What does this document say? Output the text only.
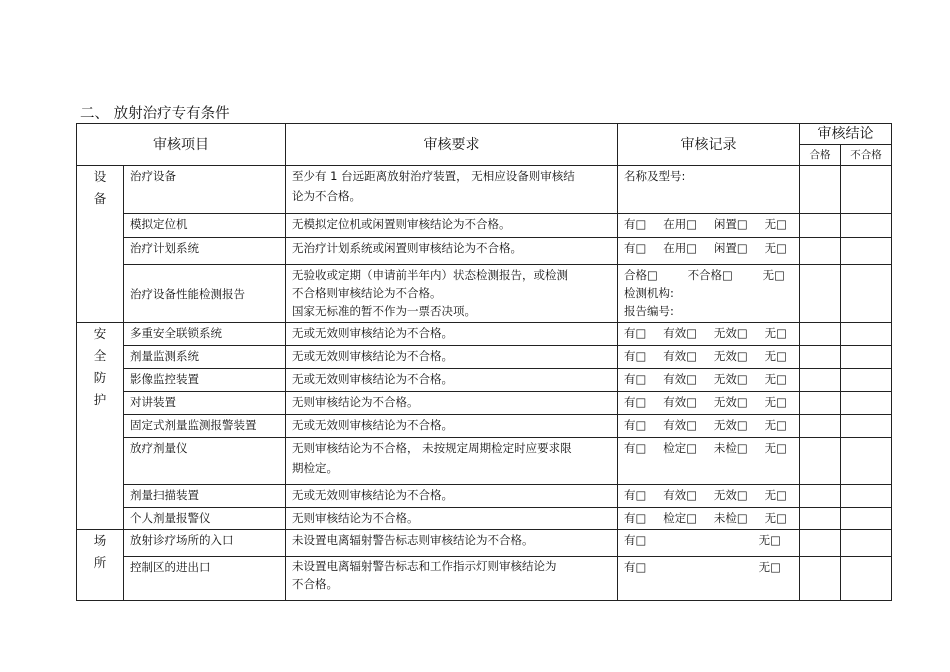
二、 放射治疗专有条件
审核项目		审核要求	审核记录	审核结论	
				合格	不合格

设
备	治疗设备	至少有 1 台远距离放射治疗装置， 无相应设备则审核结
论为不合格。	名称及型号:		

	模拟定位机	无模拟定位机或闲置则审核结论为不合格。	有□ 在用□ 闲置□ 无□		

	治疗计划系统	无治疗计划系统或闲置则审核结论为不合格。	有□ 在用□ 闲置□ 无□		

	治疗设备性能检测报告	无验收或定期（申请前半年内）状态检测报告，或检测
不合格则审核结论为不合格。
国家无标准的暂不作为一票否决项。	合格□ 不合格□ 无□
检测机构:
报告编号:		

安
全
防
护	多重安全联锁系统	无或无效则审核结论为不合格。	有□ 有效□ 无效□ 无□		

	剂量监测系统	无或无效则审核结论为不合格。	有□ 有效□ 无效□ 无□		

	影像监控装置	无或无效则审核结论为不合格。	有□ 有效□ 无效□ 无□		

	对讲装置	无则审核结论为不合格。	有□ 有效□ 无效□ 无□		

	固定式剂量监测报警装置	无或无效则审核结论为不合格。	有□ 有效□ 无效□ 无□		

	放疗剂量仪	无则审核结论为不合格， 未按规定周期检定时应要求限
期检定。	有□ 检定□ 未检□ 无□		

	剂量扫描装置	无或无效则审核结论为不合格。	有□ 有效□ 无效□ 无□		

	个人剂量报警仪	无则审核结论为不合格。	有□ 检定□ 未检□ 无□		

场
所	放射诊疗场所的入口	未设置电离辐射警告标志则审核结论为不合格。	有□ 无□		

	控制区的进出口	未设置电离辐射警告标志和工作指示灯则审核结论为
不合格。	有□ 无□		
